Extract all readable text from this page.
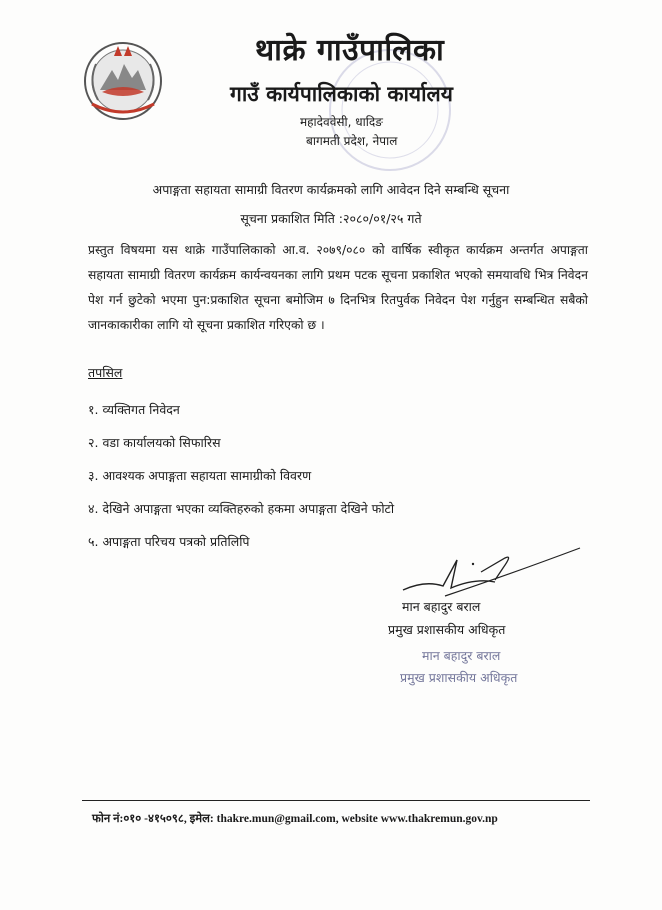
थाक्रे गाउँपालिका
गाउँ कार्यपालिकाको कार्यालय
महादेववेसी, धादिङ
बागमती प्रदेश, नेपाल
अपाङ्गता सहायता सामाग्री वितरण कार्यक्रमको लागि आवेदन दिने सम्बन्धि सूचना
सूचना प्रकाशित मिति :२०८०/०१/२५ गते
प्रस्तुत विषयमा यस थाक्रे गाउँपालिकाको आ.व. २०७९/०८० को वार्षिक स्वीकृत कार्यक्रम अन्तर्गत अपाङ्गता सहायता सामाग्री वितरण कार्यक्रम कार्यन्वयनका लागि प्रथम पटक सूचना प्रकाशित भएको समयावधि भित्र निवेदन पेश गर्न छुटेको भएमा पुन:प्रकाशित सूचना बमोजिम ७ दिनभित्र रितपुर्वक निवेदन पेश गर्नुहुन सम्बन्धित सबैको जानकाकारीका लागि यो सूचना प्रकाशित गरिएको छ ।
तपसिल
१. व्यक्तिगत निवेदन
२. वडा कार्यालयको सिफारिस
३. आवश्यक अपाङ्गता सहायता सामाग्रीको विवरण
४. देखिने अपाङ्गता भएका व्यक्तिहरुको हकमा अपाङ्गता देखिने फोटो
५. अपाङ्गता परिचय पत्रको प्रतिलिपि
मान बहादुर बराल
प्रमुख प्रशासकीय अधिकृत
मान बहादुर बराल
प्रमुख प्रशासकीय अधिकृत
फोन नं:०१० -४१५०९८, इमेल: thakre.mun@gmail.com, website www.thakremun.gov.np
